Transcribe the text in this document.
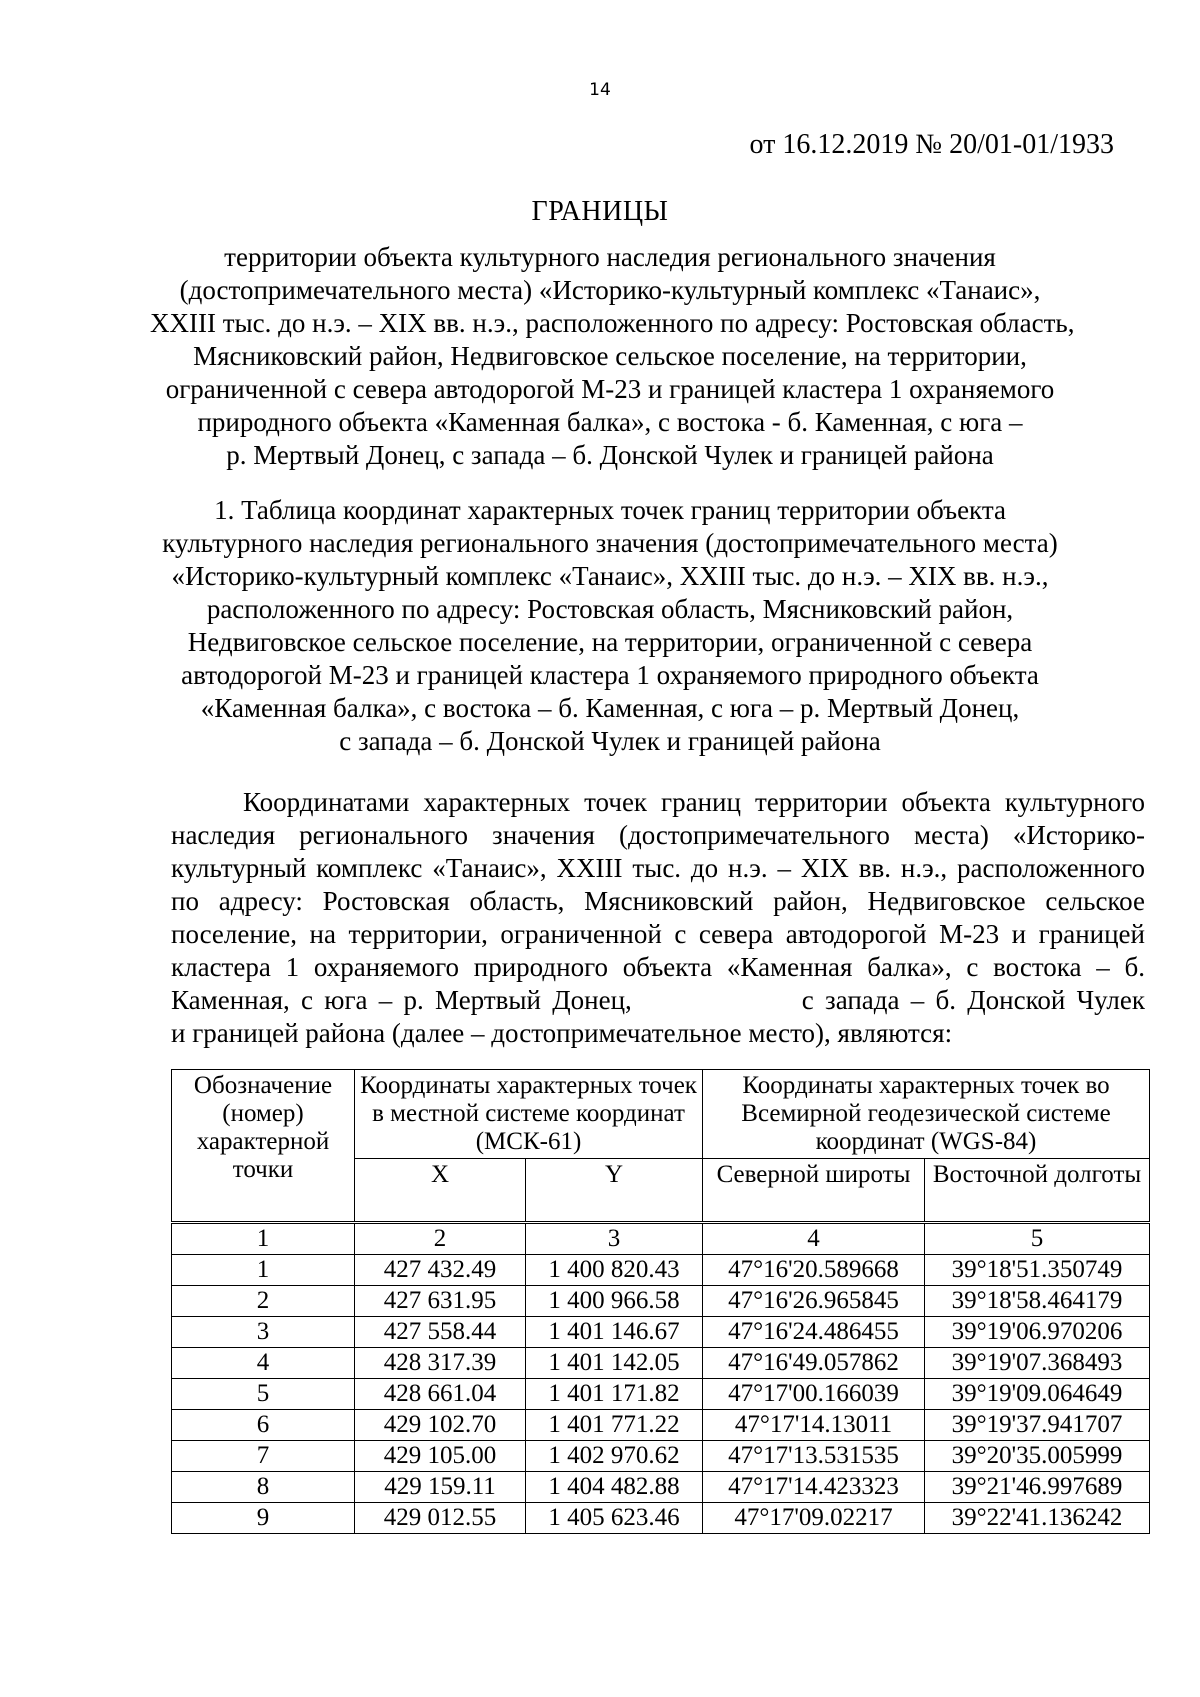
14
от 16.12.2019 № 20/01-01/1933
ГРАНИЦЫ
территории объекта культурного наследия регионального значения
(достопримечательного места) «Историко-культурный комплекс «Танаис»,
XXIII тыс. до н.э. – XIX вв. н.э., расположенного по адресу: Ростовская область,
Мясниковский район, Недвиговское сельское поселение, на территории,
ограниченной с севера автодорогой М-23 и границей кластера 1 охраняемого
природного объекта «Каменная балка», с востока - б. Каменная, с юга –
р. Мертвый Донец, с запада – б. Донской Чулек и границей района
1. Таблица координат характерных точек границ территории объекта
культурного наследия регионального значения (достопримечательного места)
«Историко-культурный комплекс «Танаис», XXIII тыс. до н.э. – XIX вв. н.э.,
расположенного по адресу: Ростовская область, Мясниковский район,
Недвиговское сельское поселение, на территории, ограниченной с севера
автодорогой М-23 и границей кластера 1 охраняемого природного объекта
«Каменная балка», с востока – б. Каменная, с юга – р. Мертвый Донец,
с запада – б. Донской Чулек и границей района
Координатами характерных точек границ территории объекта культурного
наследия регионального значения (достопримечательного места) «Историко-
культурный комплекс «Танаис», XXIII тыс. до н.э. – XIX вв. н.э., расположенного
по адресу: Ростовская область, Мясниковский район, Недвиговское сельское
поселение, на территории, ограниченной с севера автодорогой М-23 и границей
кластера 1 охраняемого природного объекта «Каменная балка», с востока – б.
Каменная, с юга – р. Мертвый Донец,	с запада – б. Донской Чулек
и границей района (далее – достопримечательное место), являются:
Обозначение (номер) характерной точки	Координаты характерных точек в местной системе координат (МСК-61)		Координаты характерных точек во Всемирной геодезической системе координат (WGS-84)	
	X	Y	Северной широты	Восточной долготы
1	2	3	4	5
1	427 432.49	1 400 820.43	47°16'20.589668	39°18'51.350749
2	427 631.95	1 400 966.58	47°16'26.965845	39°18'58.464179
3	427 558.44	1 401 146.67	47°16'24.486455	39°19'06.970206
4	428 317.39	1 401 142.05	47°16'49.057862	39°19'07.368493
5	428 661.04	1 401 171.82	47°17'00.166039	39°19'09.064649
6	429 102.70	1 401 771.22	47°17'14.13011	39°19'37.941707
7	429 105.00	1 402 970.62	47°17'13.531535	39°20'35.005999
8	429 159.11	1 404 482.88	47°17'14.423323	39°21'46.997689
9	429 012.55	1 405 623.46	47°17'09.02217	39°22'41.136242
